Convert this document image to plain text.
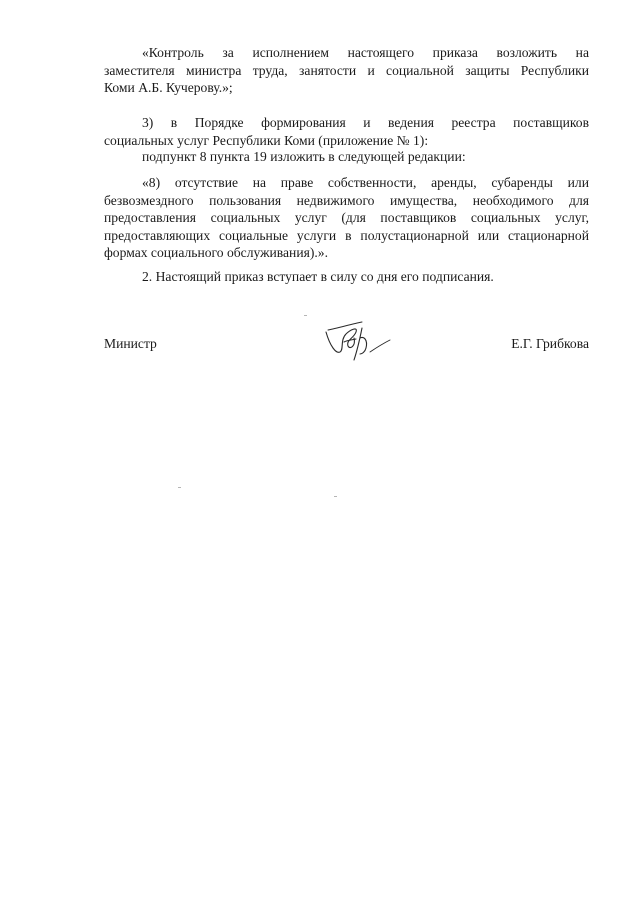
«Контроль за исполнением настоящего приказа возложить на
заместителя министра труда, занятости и социальной защиты Республики
Коми А.Б. Кучерову.»;
3) в Порядке формирования и ведения реестра поставщиков
социальных услуг Республики Коми (приложение № 1):
подпункт 8 пункта 19 изложить в следующей редакции:
«8) отсутствие на праве собственности, аренды, субаренды или
безвозмездного пользования недвижимого имущества, необходимого для
предоставления социальных услуг (для поставщиков социальных услуг,
предоставляющих социальные услуги в полустационарной или стационарной
формах социального обслуживания).».
2. Настоящий приказ вступает в силу со дня его подписания.
Министр	Е.Г. Грибкова
